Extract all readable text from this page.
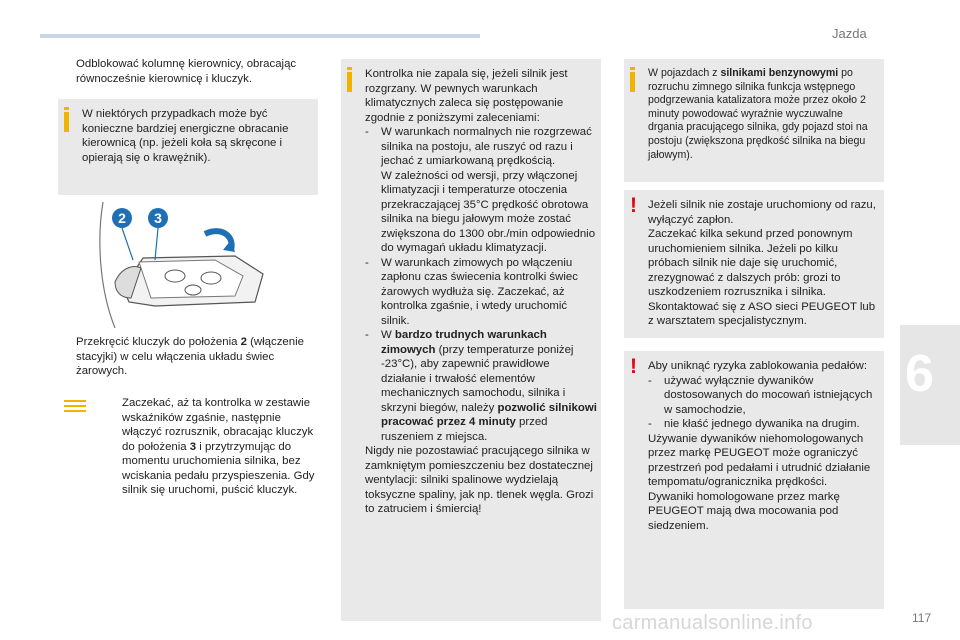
Jazda
6
carmanualsonline.info	117
Odblokować kolumnę kierownicy, obracając równocześnie kierownicę i kluczyk.

W niektórych przypadkach może być konieczne bardziej energiczne obracanie kierownicą (np. jeżeli koła są skręcone i opierają się o krawężnik).

2 3
Przekręcić kluczyk do położenia 2 (włączenie stacyjki) w celu włączenia układu świec żarowych.
Zaczekać, aż ta kontrolka w zestawie wskaźników zgaśnie, następnie włączyć rozrusznik, obracając kluczyk do położenia 3 i przytrzymując do momentu uruchomienia silnika, bez wciskania pedału przyspieszenia. Gdy silnik się uruchomi, puścić kluczyk.

Kontrolka nie zapala się, jeżeli silnik jest rozgrzany. W pewnych warunkach klimatycznych zaleca się postępowanie zgodnie z poniższymi zaleceniami:

-	W warunkach normalnych nie rozgrzewać silnika na postoju, ale ruszyć od razu i jechać z umiarkowaną prędkością.

W zależności od wersji, przy włączonej klimatyzacji i temperaturze otoczenia przekraczającej 35°C prędkość obrotowa silnika na biegu jałowym może zostać zwiększona do 1300 obr./min odpowiednio do wymagań układu klimatyzacji.

-	W warunkach zimowych po włączeniu zapłonu czas świecenia kontrolki świec żarowych wydłuża się. Zaczekać, aż kontrolka zgaśnie, i wtedy uruchomić silnik.

-	W bardzo trudnych warunkach zimowych (przy temperaturze poniżej -23°C), aby zapewnić prawidłowe działanie i trwałość elementów mechanicznych samochodu, silnika i skrzyni biegów, należy pozwolić silnikowi pracować przez 4 minuty przed ruszeniem z miejsca.

Nigdy nie pozostawiać pracującego silnika w zamkniętym pomieszczeniu bez dostatecznej wentylacji: silniki spalinowe wydzielają toksyczne spaliny, jak np. tlenek węgla. Grozi to zatruciem i śmiercią!

W pojazdach z silnikami benzynowymi po rozruchu zimnego silnika funkcja wstępnego podgrzewania katalizatora może przez około 2 minuty powodować wyraźnie wyczuwalne drgania pracującego silnika, gdy pojazd stoi na postoju (zwiększona prędkość silnika na biegu jałowym).

! Jeżeli silnik nie zostaje uruchomiony od razu, wyłączyć zapłon.

Zaczekać kilka sekund przed ponownym uruchomieniem silnika. Jeżeli po kilku próbach silnik nie daje się uruchomić, zrezygnować z dalszych prób: grozi to uszkodzeniem rozrusznika i silnika. Skontaktować się z ASO sieci PEUGEOT lub z warsztatem specjalistycznym.

! Aby uniknąć ryzyka zablokowania pedałów:

-	używać wyłącznie dywaników dostosowanych do mocowań istniejących w samochodzie,

-	nie kłaść jednego dywanika na drugim.

Używanie dywaników niehomologowanych przez markę PEUGEOT może ograniczyć przestrzeń pod pedałami i utrudnić działanie tempomatu/ogranicznika prędkości.

Dywaniki homologowane przez markę PEUGEOT mają dwa mocowania pod siedzeniem.
